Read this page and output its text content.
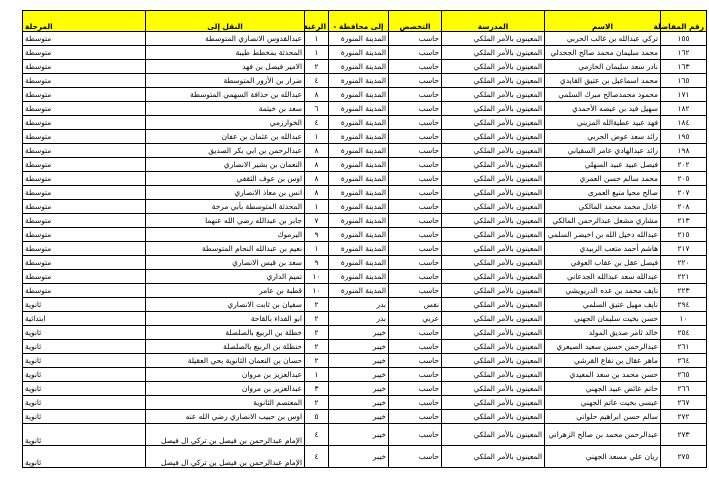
رقم المفاضلة	الاسم	المدرسة	التخصص	إلى محافظة -	الرغبة	النقل إلى	المرحلة
١٥٥	تركي عبدالله بن غالب الحربي	المعينون بالأمر الملكي	حاسب	المدينة المنورة	١	عبدالقدوس الانصاري المتوسطة	متوسطة
١٦٢	محمد سليمان محمد صالح الجحدلي	المعينون بالأمر الملكي	حاسب	المدينة المنورة	١	المحدثة بمخطط طيبة	متوسطة
١٦٣	نادر سعد سليمان الحازمي	المعينون بالأمر الملكي	حاسب	المدينة المنورة	٢	الامير فيصل بن فهد	متوسطة
١٦٥	محمد اسماعيل بن عتيق القايدي	المعينون بالأمر الملكي	حاسب	المدينة المنورة	٤	ضرار بن الأزور المتوسطة	متوسطة
١٧١	محمود محمدصالح مبرك السلمي	المعينون بالأمر الملكي	حاسب	المدينة المنورة	٨	عبدالله بن حذافة السهمي المتوسطة	متوسطة
١٨٢	سهيل فيد بن عيضه الأحمدي	المعينون بالأمر الملكي	حاسب	المدينة المنورة	٦	سعد بن خيثمة	متوسطة
١٨٤	فهد عبيد عطيةالله المزيني	المعينون بالأمر الملكي	حاسب	المدينة المنورة	٤	الخوارزمي	متوسطة
١٩٥	رائد سعد عوض الحربي	المعينون بالأمر الملكي	حاسب	المدينة المنورة	١	عبدالله بن عثمان بن عفان	متوسطة
١٩٨	رائد عبدالهادي عامر السقياني	المعينون بالأمر الملكي	حاسب	المدينة المنورة	٨	عبدالرحمن بن ابي بكر الصديق	متوسطة
٢٠٢	فيصل عبيد عبيد السهلي	المعينون بالأمر الملكي	حاسب	المدينة المنورة	٨	النعمان بن بشير الانصاري	متوسطة
٢٠٥	محمد سالم حسن العمري	المعينون بالأمر الملكي	حاسب	المدينة المنورة	٨	اوس بن عوف الثقفي	متوسطة
٢٠٧	صالح محيا منيع العمرى	المعينون بالأمر الملكي	حاسب	المدينة المنورة	٨	انس بن معاذ الانصاري	متوسطة
٢٠٨	عادل محمد محمد المالكي	المعينون بالأمر الملكي	حاسب	المدينة المنورة	١	المحدثة المتوسطة بأبي مرخة	متوسطة
٢١٣	مشاري مشعل عبدالرحمن المالكي	المعينون بالأمر الملكي	حاسب	المدينة المنورة	٧	جابر بن عبدالله رضي الله عنهما	متوسطة
٢١٥	عبدالله دخيل الله بن اخيضر السلمي	المعينون بالأمر الملكي	حاسب	المدينة المنورة	٩	اليرموك	متوسطة
٢١٧	هاشم أحمد متعب الزبيدي	المعينون بالأمر الملكي	حاسب	المدينة المنورة	١	نعيم بن عبدالله النحام المتوسطة	متوسطة
٢٢٠	فيصل عقل بن عقاب العوفي	المعينون بالأمر الملكي	حاسب	المدينة المنورة	٩	سعد بن قيس الانصاري	متوسطة
٢٢١	عبدالله سعد عبدالله الجدعاني	المعينون بالأمر الملكي	حاسب	المدينة المنورة	١٠	تميم الداري	متوسطة
٢٢٣	نايف محمد بن عده الدريويشي	المعينون بالأمر الملكي	حاسب	المدينة المنورة	١٠	قطبة بن عامر	متوسطة
٢٩٤	نايف مهيل عتيق السلمي	المعينون بالأمر الملكي	نفس	بدر	٢	سفيان بن ثابت الانصاري	ثانوية
١٠	حسن بخيت سليمان الجهني	المعينون بالأمر الملكي	عربي	بدر	٢	ابو الفداء بالقاحة	ابتدائية
٢٥٤	خالد ثامر صديق المولد	المعينون بالأمر الملكي	حاسب	خيبر	٢	خطلة بن الربيع بالصلصلة	ثانوية
٢٦١	عبدالرحمن حسين سعيد الصيعري	المعينون بالأمر الملكي	حاسب	خيبر	٢	حنظلة بن الربيع بالصلصلة	ثانوية
٢٦٤	ماهر عقال بن نفاع القرشي	المعينون بالأمر الملكي	حاسب	خيبر	٢	حسان بن النعمان الثانوية بحي العقيلة	ثانوية
٢٦٥	حسن محمد بن سعد المعيدي	المعينون بالأمر الملكي	حاسب	خيبر	١	عبدالعزيز بن مروان	ثانوية
٢٦٦	حاتم عائض عبيد الجهني	المعينون بالأمر الملكي	حاسب	خيبر	٣	عبدالعزيز بن مروان	ثانوية
٢٦٧	عيسى بخيت عاتم الجهني	المعينون بالأمر الملكي	حاسب	خيبر	٢	المعتصم الثانوية	ثانوية
٢٧٢	سالم حسن ابراهيم حلواني	المعينون بالأمر الملكي	حاسب	خيبر	٥	اوس بن حبيب الانصاري رضي الله عنه	ثانوية
٢٧٣	عبدالرحمن محمد بن صالح الزهراني	المعينون بالأمر الملكي	حاسب	خيبر	٤	الإمام عبدالرحمن بن فيصل بن تركي ال فيصل	ثانوية
٢٧٥	ريان علي مسعد الجهني	المعينون بالأمر الملكي	حاسب	خيبر	٤	الإمام عبدالرحمن بن فيصل بن تركي ال فيصل	ثانوية
